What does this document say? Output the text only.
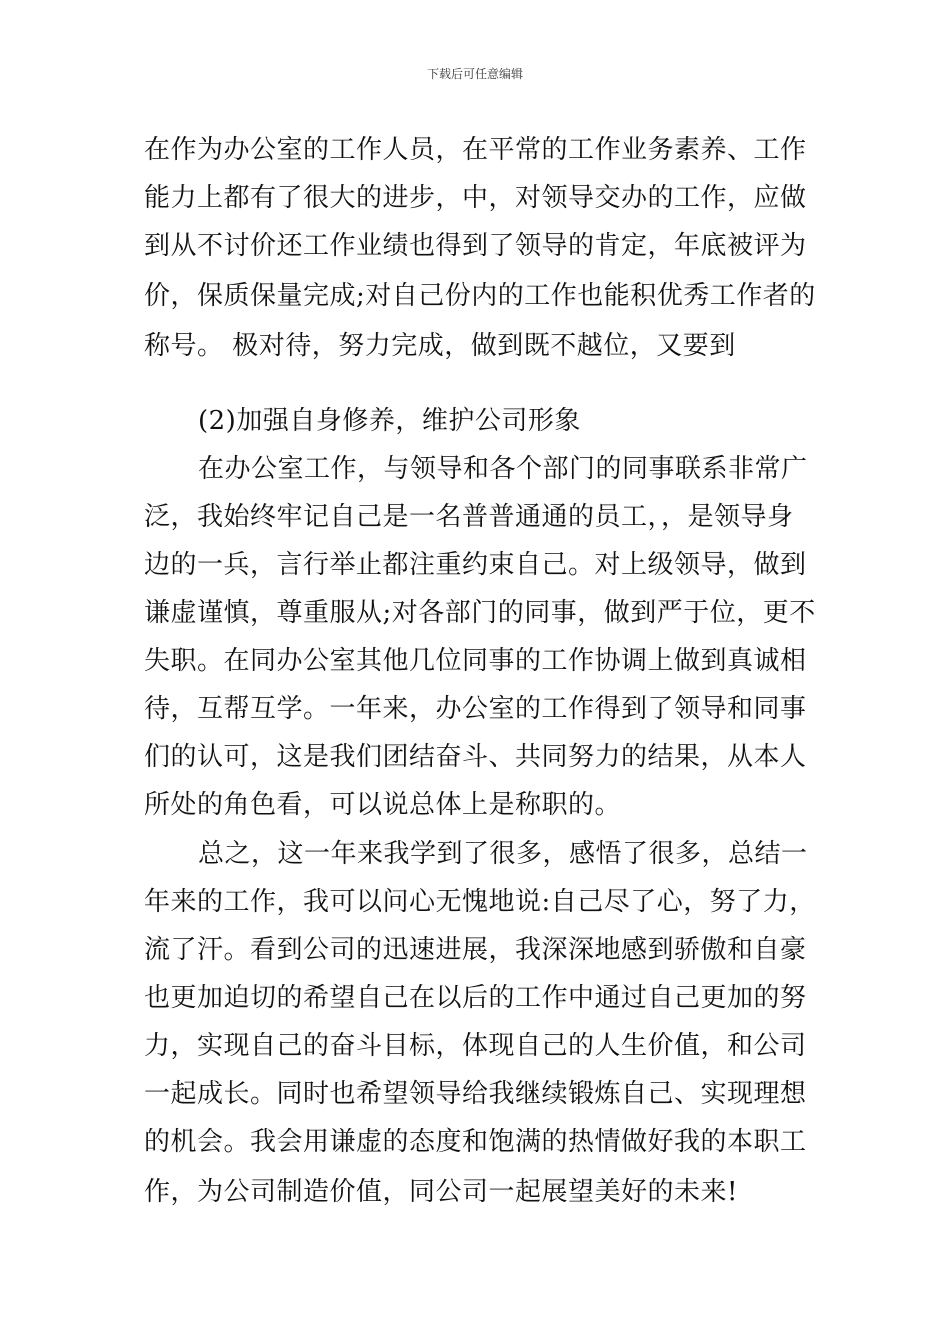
下载后可任意编辑
在作为办公室的工作人员，在平常的工作业务素养、工作
能力上都有了很大的进步，中，对领导交办的工作，应做
到从不讨价还工作业绩也得到了领导的肯定，年底被评为
价，保质保量完成;对自己份内的工作也能积优秀工作者的
称号。 极对待，努力完成，做到既不越位，又要到
(2)加强自身修养，维护公司形象
在办公室工作，与领导和各个部门的同事联系非常广
泛，我始终牢记自己是一名普普通通的员工，，是领导身
边的一兵，言行举止都注重约束自己。对上级领导，做到
谦虚谨慎，尊重服从;对各部门的同事，做到严于位，更不
失职。在同办公室其他几位同事的工作协调上做到真诚相
待，互帮互学。一年来，办公室的工作得到了领导和同事
们的认可，这是我们团结奋斗、共同努力的结果，从本人
所处的角色看，可以说总体上是称职的。
总之，这一年来我学到了很多，感悟了很多，总结一
年来的工作，我可以问心无愧地说:自己尽了心，努了力，
流了汗。看到公司的迅速进展，我深深地感到骄傲和自豪
也更加迫切的希望自己在以后的工作中通过自己更加的努
力，实现自己的奋斗目标，体现自己的人生价值，和公司
一起成长。同时也希望领导给我继续锻炼自己、实现理想
的机会。我会用谦虚的态度和饱满的热情做好我的本职工
作，为公司制造价值，同公司一起展望美好的未来!
